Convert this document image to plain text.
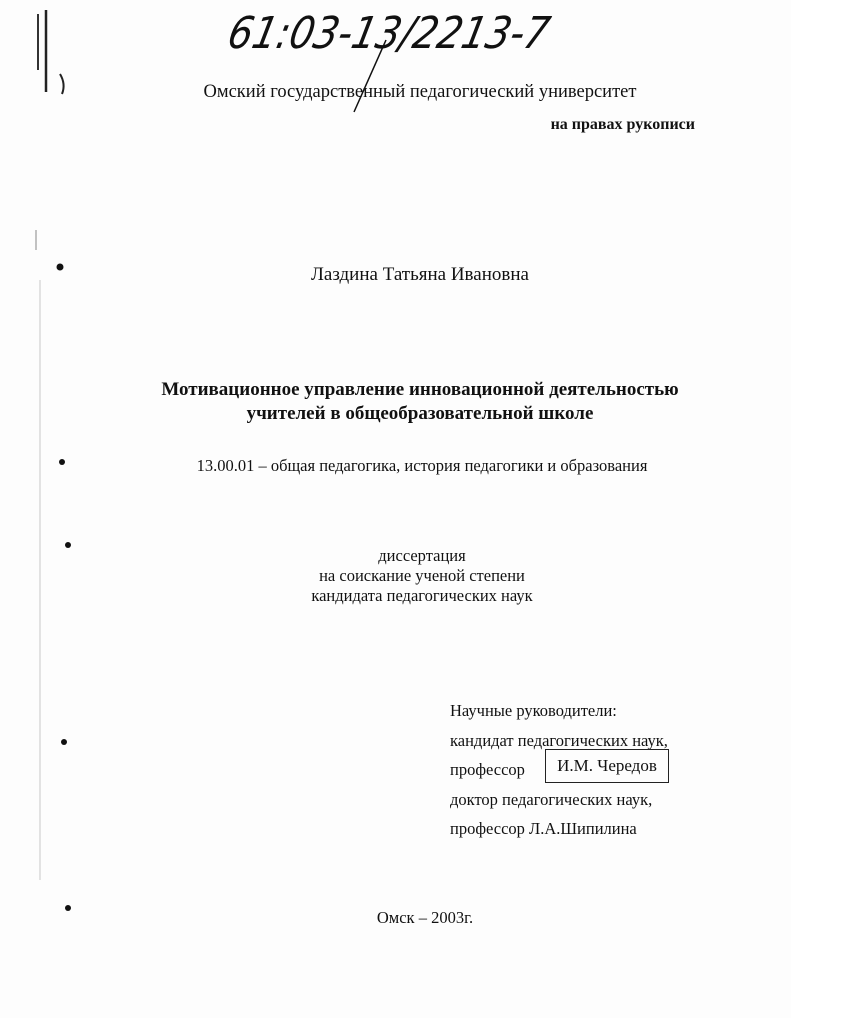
61:03-13/2213-7
Омский государственный педагогический университет
на правах рукописи
Лаздина Татьяна Ивановна
Мотивационное управление инновационной деятельностью
учителей в общеобразовательной школе
13.00.01 – общая педагогика, история педагогики и образования
диссертация
на соискание ученой степени
кандидата педагогических наук
Научные руководители:
кандидат педагогических наук,
профессор И.М. Чередов
доктор педагогических наук,
профессор Л.А.Шипилина
Омск – 2003г.
